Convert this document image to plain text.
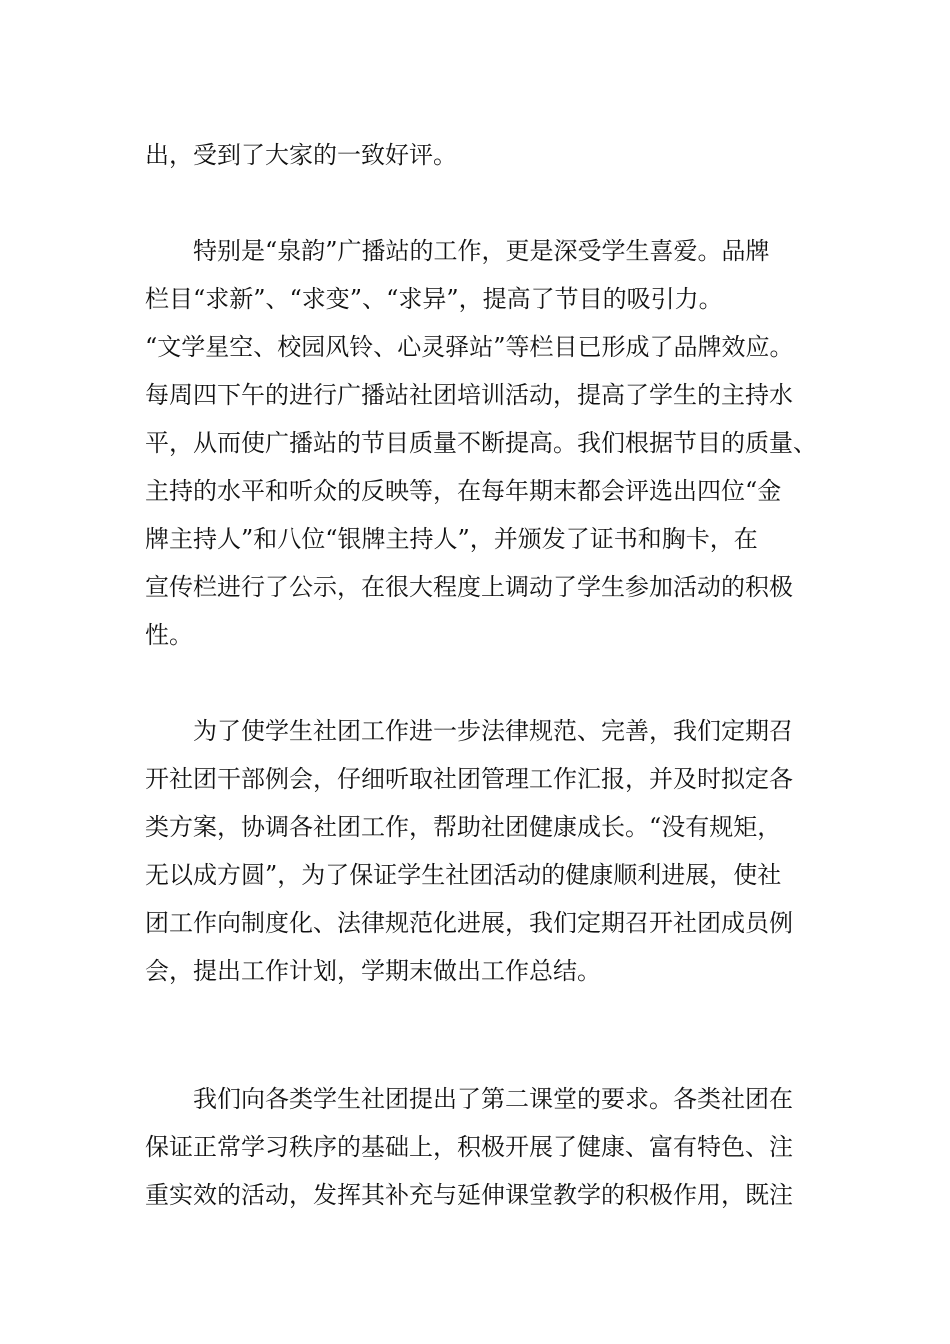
出，受到了大家的一致好评。
特别是“泉韵”广播站的工作，更是深受学生喜爱。品牌
栏目“求新”、“求变”、“求异”，提高了节目的吸引力。
“文学星空、校园风铃、心灵驿站”等栏目已形成了品牌效应。
每周四下午的进行广播站社团培训活动，提高了学生的主持水
平，从而使广播站的节目质量不断提高。我们根据节目的质量、
主持的水平和听众的反映等，在每年期末都会评选出四位“金
牌主持人”和八位“银牌主持人”，并颁发了证书和胸卡，在
宣传栏进行了公示，在很大程度上调动了学生参加活动的积极
性。
为了使学生社团工作进一步法律规范、完善，我们定期召
开社团干部例会，仔细听取社团管理工作汇报，并及时拟定各
类方案，协调各社团工作，帮助社团健康成长。“没有规矩，
无以成方圆”，为了保证学生社团活动的健康顺利进展，使社
团工作向制度化、法律规范化进展，我们定期召开社团成员例
会，提出工作计划，学期末做出工作总结。
我们向各类学生社团提出了第二课堂的要求。各类社团在
保证正常学习秩序的基础上，积极开展了健康、富有特色、注
重实效的活动，发挥其补充与延伸课堂教学的积极作用，既注
